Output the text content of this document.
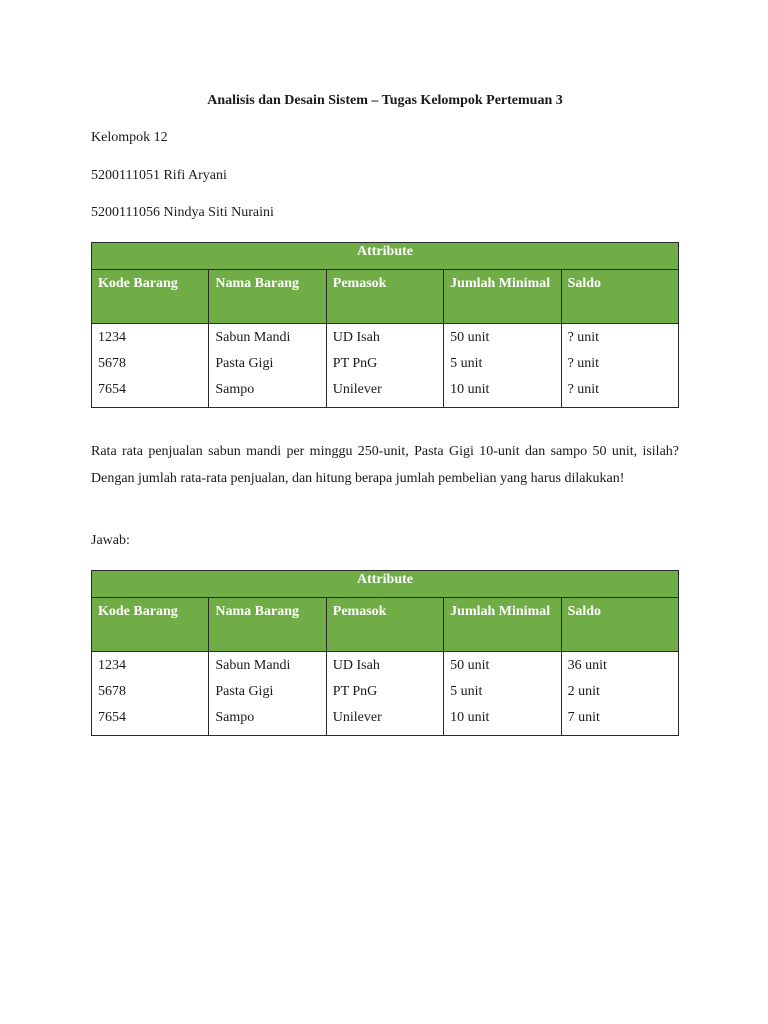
Analisis dan Desain Sistem – Tugas Kelompok Pertemuan 3
Kelompok 12
5200111051 Rifi Aryani
5200111056 Nindya Siti Nuraini
Attribute				
Kode Barang	Nama Barang	Pemasok	Jumlah Minimal	Saldo
1234	Sabun Mandi	UD Isah	50 unit	? unit
5678	Pasta Gigi	PT PnG	5 unit	? unit
7654	Sampo	Unilever	10 unit	? unit
Rata rata penjualan sabun mandi per minggu 250-unit, Pasta Gigi 10-unit dan sampo 50 unit, isilah? Dengan jumlah rata-rata penjualan, dan hitung berapa jumlah pembelian yang harus dilakukan!
Jawab:
Attribute				
Kode Barang	Nama Barang	Pemasok	Jumlah Minimal	Saldo
1234	Sabun Mandi	UD Isah	50 unit	36 unit
5678	Pasta Gigi	PT PnG	5 unit	2 unit
7654	Sampo	Unilever	10 unit	7 unit
